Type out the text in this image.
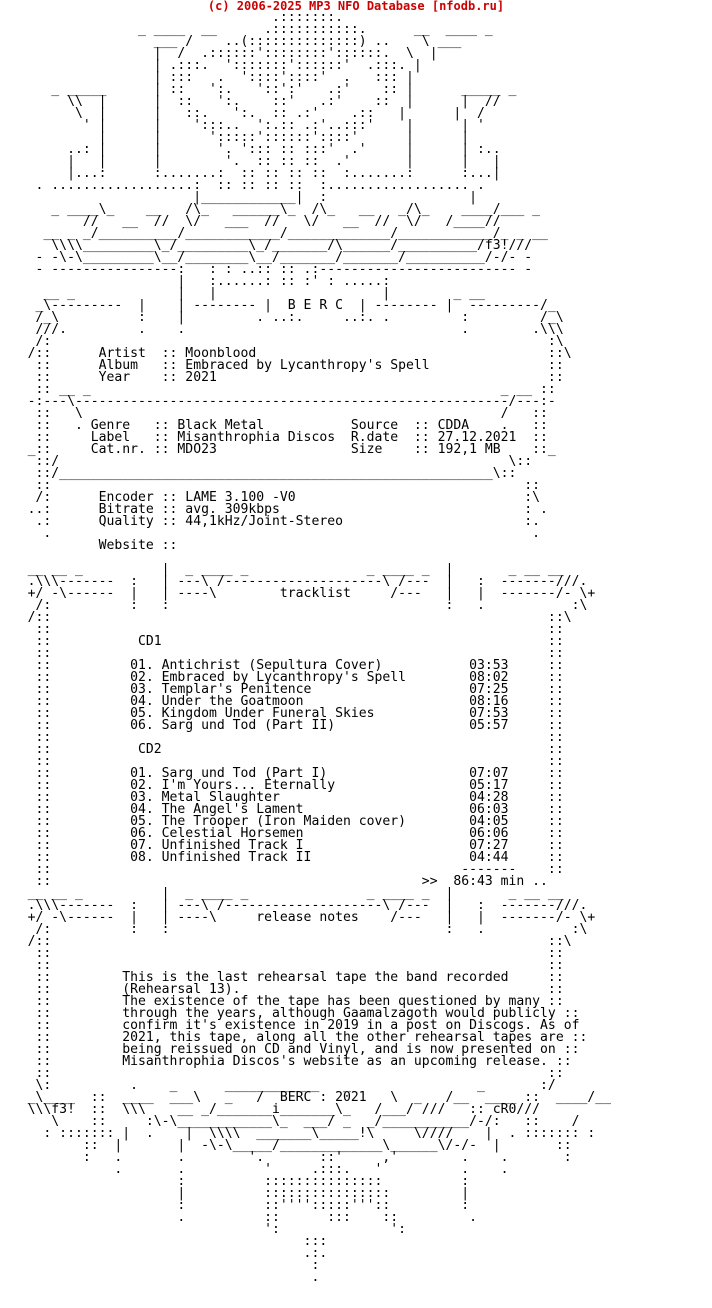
(c) 2006-2025 MP3 NFO Database [nfodb.ru]
.:::::::.
_ ____  __      .:::::::::::.      __  ____ _
___ /    ..(::::::::::::::) ..    \ ___
|  /  .::::::'::::::::'::::::.  \  |
| .:::.  ':::::::'::::::'  .:::. |
| :::   .  '::::'::::'  .   ::: |
_ _____      | ::   ':.   '::':'   .:'    :: |      _____ _
\\  |      |  ::   ':.    ::'   .:'    ::  |      |  //
\  |      |   ::.   ':.  :: .:'    .::   |      |  /
' |      |    ':::..  ':.:: .:'..:::'    |      | '
|      |      ':::::'::::::'::::'      |      |
..: |      |       '. '::: :: :::'  .'     |      | :..
|   |      |        '.  :: :: ::  .'       |      |   |
|...:      :.......:  :: :: :: ::  :.......:      :...|
. ..................:  :: :: :: ::  :.................. .
|____________|  :                  |
_ ____\_    __   /\_   ______\_  /\_   __   _/\_    ____/___ _
//   __  //  \/   ___  //   \/   __  //  \/   /____//
__ _ _/__________/____________/_____________/____________/_ _ __
\\\\_________\_/_________\_/_______/\______/__________/f3!///
- -\-\_________\__/________\__/_______/_______/__________/-/- -
- ----------------:   : : ..:: :: .:------------------------- -
|   :......: :: :' : .....:
__ _             |   |                     |        _ __
_\---------  |    | -------- |  B E R C  | -------- |  ---------/_
/_\          :    |         . ..:.     ..:. .         :         /_\
///.         .    .                                   .        .\\\
/:                                                               :\
/::      Artist  :: Moonblood                                     ::\
::      Album   :: Embraced by Lycanthropy's Spell               ::
::      Year    :: 2021                                          ::
:: __ _                                                    _ __ ::
-:---\-------------------------------------------------------/---:-
::   \                                                     /   ::
::   . Genre   :: Black Metal           Source  :: CDDA    .   ::
::     Label   :: Misanthrophia Discos  R.date  :: 27.12.2021  ::
_::     Cat.nr. :: MDO23                 Size    :: 192,1 MB    ::_
::/                                                         \::
::/_______________________________________________________\::
::                                                            ::
/:      Encoder :: LAME 3.100 -V0                             :\
..:      Bitrate :: avg. 309kbps                               : .
.:      Quality :: 44,1kHz/Joint-Stereo                       :.
.                                                             .
Website ::

__ __ _          |  _ ____ _               _ ____ _  |       _ __ __
.\\\-------  :   | ---\ /--------------------\ /---  |   :  -------///.
+/ -\------  |   | ----\        tracklist     /---   |   |  -------/- \+
/:          :   :                                   :   .           :\
/::                                                               ::\
::                                                               ::
::           CD1                                                 ::
::                                                               ::
::          01. Antichrist (Sepultura Cover)           03:53     ::
::          02. Embraced by Lycanthropy's Spell        08:02     ::
::          03. Templar's Penitence                    07:25     ::
::          04. Under the Goatmoon                     08:16     ::
::          05. Kingdom Under Funeral Skies            07:53     ::
::          06. Sarg und Tod (Part II)                 05:57     ::
::                                                               ::
::           CD2                                                 ::
::                                                               ::
::          01. Sarg und Tod (Part I)                  07:07     ::
::          02. I'm Yours... Eternally                 05:17     ::
::          03. Metal Slaughter                        04:28     ::
::          04. The Angel's Lament                     06:03     ::
::          05. The Trooper (Iron Maiden cover)        04:05     ::
::          06. Celestial Horsemen                     06:06     ::
::          07. Unfinished Track I                     07:27     ::
::          08. Unfinished Track II                    04:44     ::
::                                                    -------    ::
::                                               >>  86:43 min ..
__ __ _          |  _ ____ _               _ ____ _  |       _ __ __
.\\\-------  :   | ---\ /--------------------\ /---  |   :  -------///.
+/ -\------  |   | ----\     release notes    /---   |   |  -------/- \+
/:          :   :                                   :   .           :\
/::                                                               ::\
::                                                               ::
::                                                               ::
::         This is the last rehearsal tape the band recorded     ::
::         (Rehearsal 13).                                       ::
::         The existence of the tape has been questioned by many ::
::         through the years, although Gaamalzagoth would publicly ::
::         confirm it's existence in 2019 in a post on Discogs. As of
::         2021, this tape, along all the other rehearsal tapes are ::
::         being reissued on CD and Vinyl, and is now presented on ::
::         Misanthrophia Discos's website as an upcoming release. ::
::                                                               ::
\:          .    _      ____________   _                _       :/
_\____  ::  ____  ___\   _   /  BERC : 2021   \  _   /__  ____ ::  ____/__
\\\f3!  ::  \\\    __ _/_______i_______\_   /___/ ///   :: cR0///
\    ::     :\-\____________\_  ___/ _  _/___________/-/:   ::    /
: ::::::: |  .    |  \\\\  _______\_____!\     \////    |  . ::::::: :
::  |       |  -\-\_____/_____________\______\/-/-  |       ::
:   .       .        '.       ::'     ,'        .    .       :
.       .          '     .:::.   '          .    .
:          :::::::::::::::          :
|          ::::::::::::::::         |
:          ::'''':::::'''::         :
.          ::      :::    ::         .
':              ':
:::
.:.
:
.
